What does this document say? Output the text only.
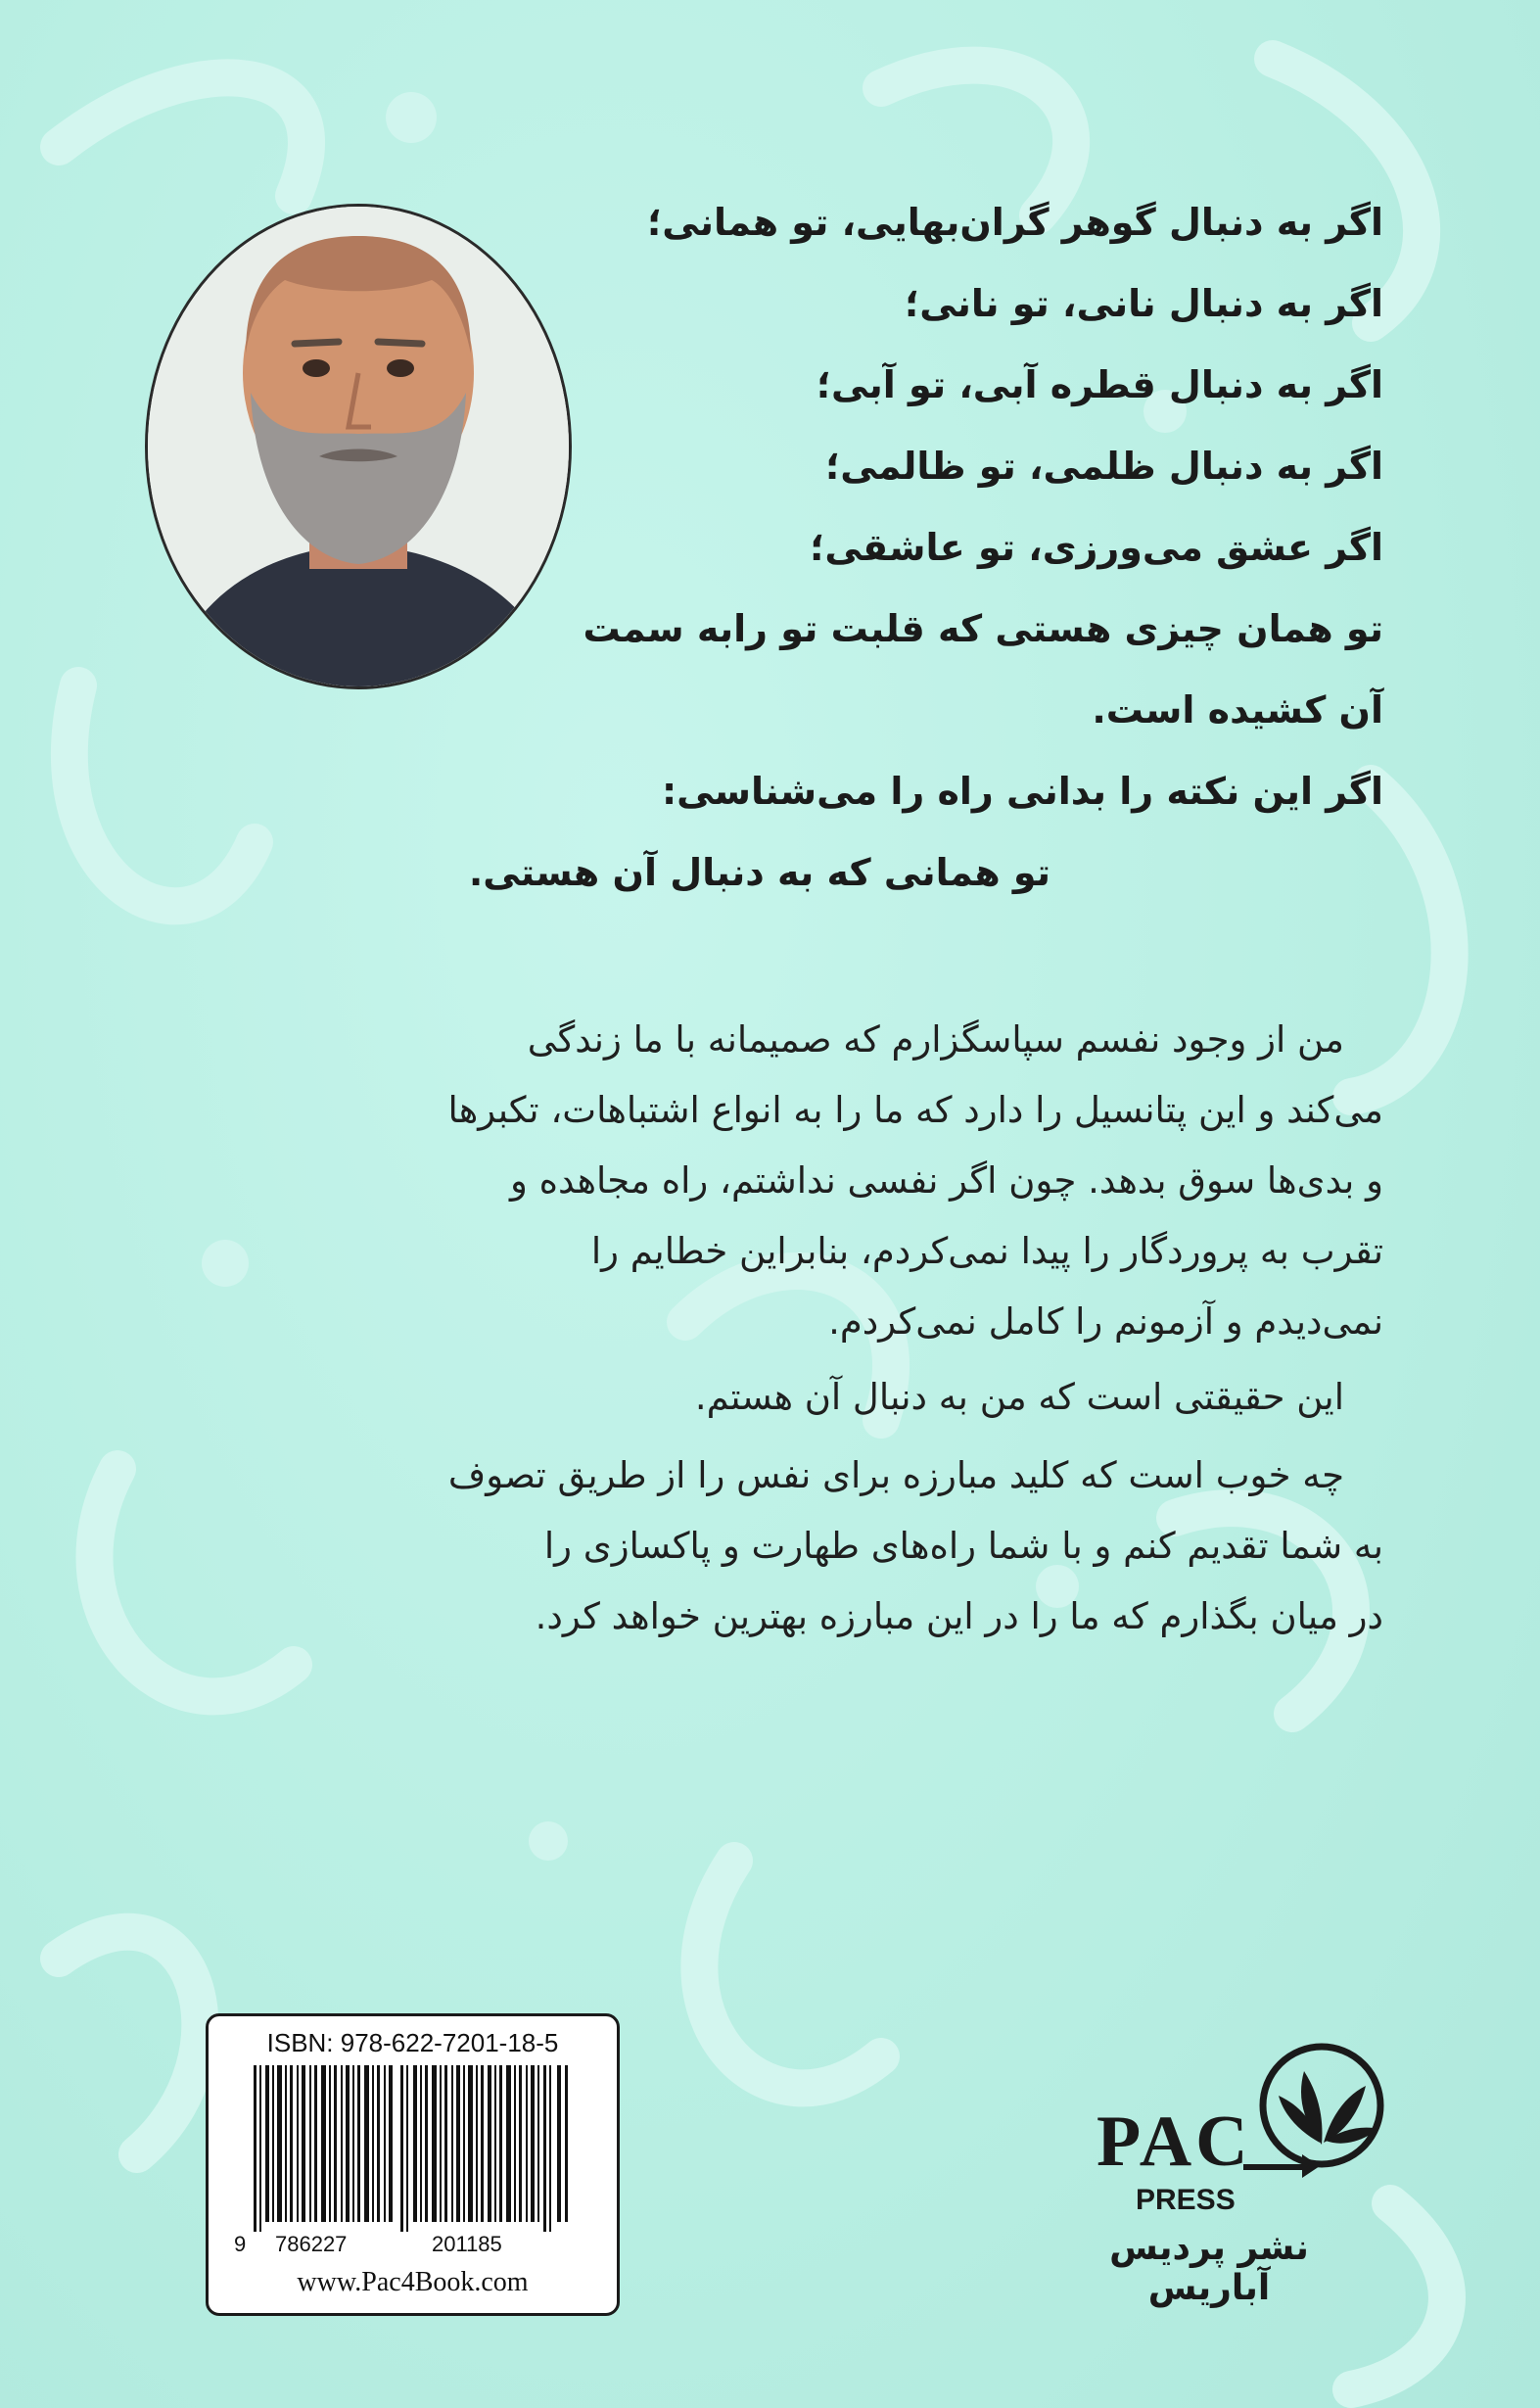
اگر به دنبال گوهر گران‌بهایی، تو همانی؛
اگر به دنبال نانی، تو نانی؛
اگر به دنبال قطره آبی، تو آبی؛
اگر به دنبال ظلمی، تو ظالمی؛
اگر عشق می‌ورزی، تو عاشقی؛
تو همان چیزی هستی که قلبت تو رابه سمت
آن کشیده است.
اگر این نکته را بدانی راه را می‌شناسی:
تو همانی که به دنبال آن هستی.
من از وجود نفسم سپاسگزارم که صمیمانه با ما زندگی
می‌کند و این پتانسیل را دارد که ما را به انواع اشتباهات، تکبرها
و بدی‌ها سوق بدهد. چون اگر نفسی نداشتم، راه مجاهده و
تقرب به پروردگار را پیدا نمی‌کردم، بنابراین خطایم را
نمی‌دیدم و آزمونم را کامل نمی‌کردم.
این حقیقتی است که من به دنبال آن هستم.
چه خوب است که کلید مبارزه برای نفس را از طریق تصوف
به شما تقدیم کنم و با شما راه‌های طهارت و پاکسازی را
در میان بگذارم که ما را در این مبارزه بهترین خواهد کرد.
ISBN: 978-622-7201-18-5
9 786227	201185
www.Pac4Book.com
PAC
PRESS
نشر پردیس آباریس
